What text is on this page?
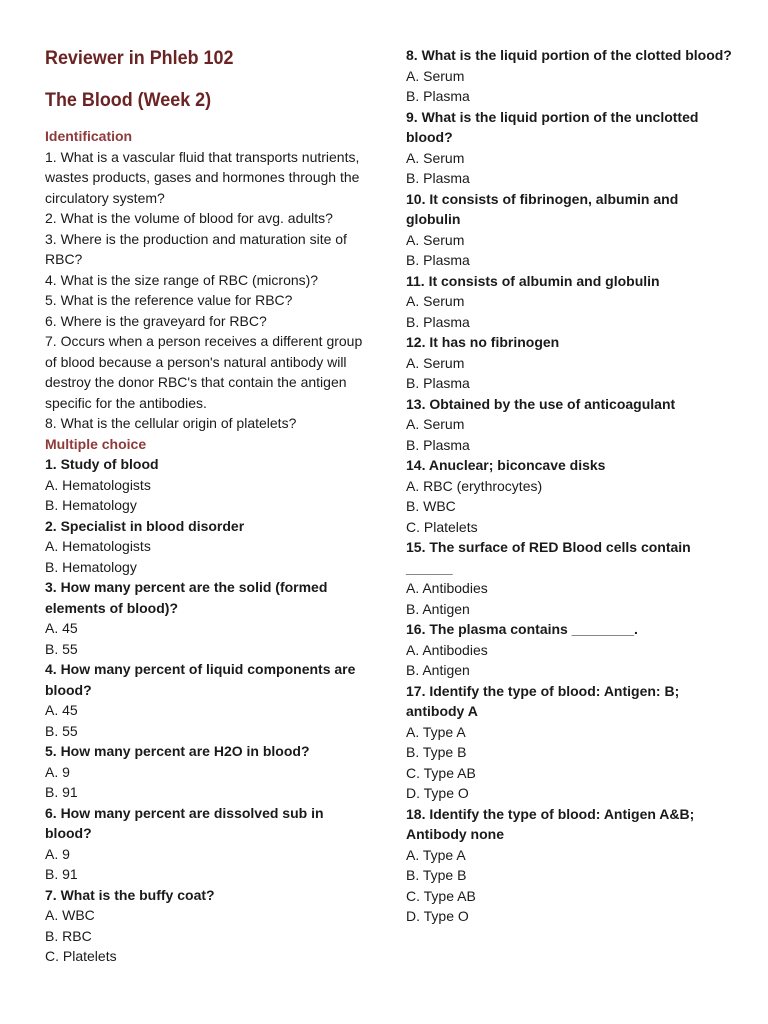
Reviewer in Phleb 102
The Blood (Week 2)
Identification

1. What is a vascular fluid that transports nutrients, wastes products, gases and hormones through the circulatory system?

2. What is the volume of blood for avg. adults?

3. Where is the production and maturation site of RBC?

4. What is the size range of RBC (microns)?

5. What is the reference value for RBC?

6. Where is the graveyard for RBC?

7. Occurs when a person receives a different group of blood because a person's natural antibody will destroy the donor RBC's that contain the antigen specific for the antibodies.

8. What is the cellular origin of platelets?

Multiple choice
1. Study of blood
A. Hematologists
B. Hematology
2. Specialist in blood disorder
A. Hematologists
B. Hematology
3. How many percent are the solid (formed elements of blood)?
A. 45
B. 55
4. How many percent of liquid components are blood?
A. 45
B. 55
5. How many percent are H2O in blood?
A. 9
B. 91
6. How many percent are dissolved sub in blood?
A. 9
B. 91
7. What is the buffy coat?
A. WBC
B. RBC
C. Platelets
8. What is the liquid portion of the clotted blood?
A. Serum
B. Plasma
9. What is the liquid portion of the unclotted blood?
A. Serum
B. Plasma
10. It consists of fibrinogen, albumin and globulin
A. Serum
B. Plasma
11. It consists of albumin and globulin
A. Serum
B. Plasma
12. It has no fibrinogen
A. Serum
B. Plasma
13. Obtained by the use of anticoagulant
A. Serum
B. Plasma
14. Anuclear; biconcave disks
A. RBC (erythrocytes)
B. WBC
C. Platelets
15. The surface of RED Blood cells contain ______
A. Antibodies
B. Antigen
16. The plasma contains ________.
A. Antibodies
B. Antigen
17. Identify the type of blood: Antigen: B; antibody A
A. Type A
B. Type B
C. Type AB
D. Type O
18. Identify the type of blood: Antigen A&B; Antibody none
A. Type A
B. Type B
C. Type AB
D. Type O
